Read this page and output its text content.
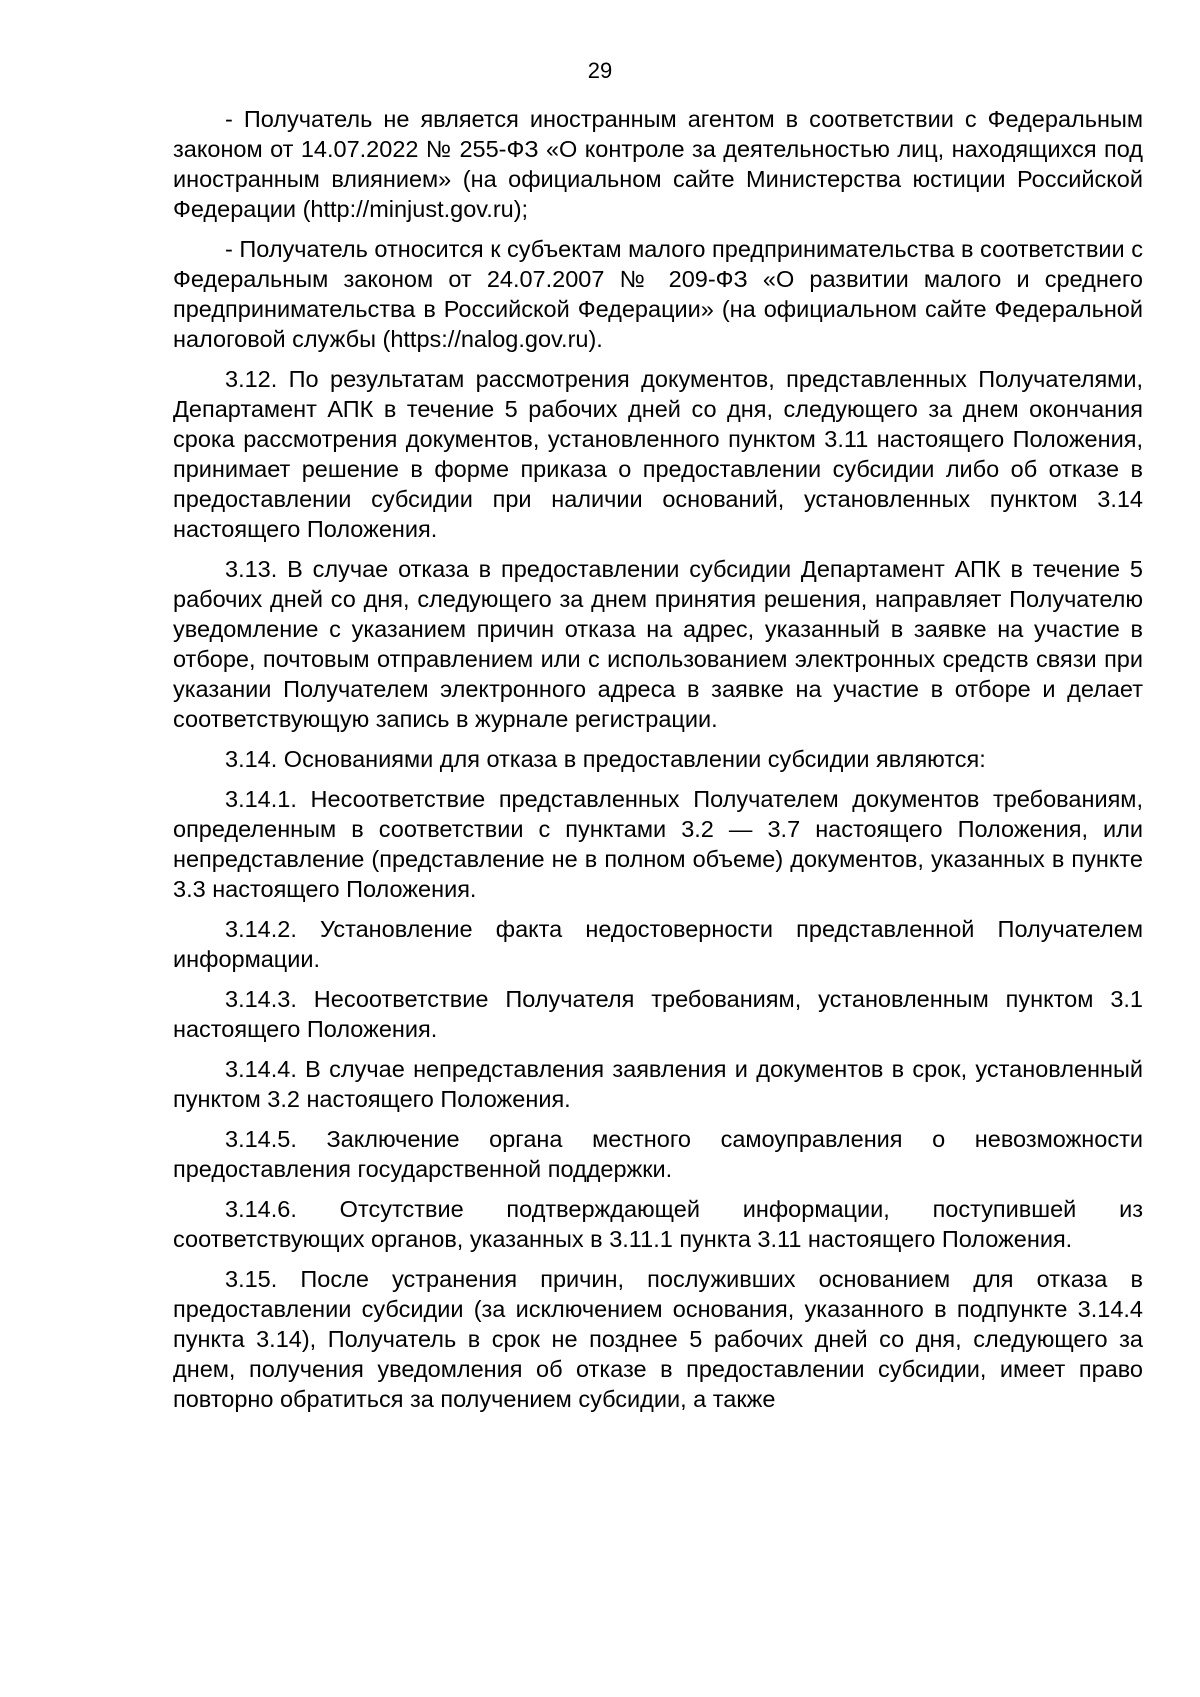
29

- Получатель не является иностранным агентом в соответствии с Федеральным законом от 14.07.2022 № 255-ФЗ «О контроле за деятельностью лиц, находящихся под иностранным влиянием» (на официальном сайте Министерства юстиции Российской Федерации (http://minjust.gov.ru);

- Получатель относится к субъектам малого предпринимательства в соответствии с Федеральным законом от 24.07.2007 № 209-ФЗ «О развитии малого и среднего предпринимательства в Российской Федерации» (на официальном сайте Федеральной налоговой службы (https://nalog.gov.ru).

3.12. По результатам рассмотрения документов, представленных Получателями, Департамент АПК в течение 5 рабочих дней со дня, следующего за днем окончания срока рассмотрения документов, установленного пунктом 3.11 настоящего Положения, принимает решение в форме приказа о предоставлении субсидии либо об отказе в предоставлении субсидии при наличии оснований, установленных пунктом 3.14 настоящего Положения.

3.13. В случае отказа в предоставлении субсидии Департамент АПК в течение 5 рабочих дней со дня, следующего за днем принятия решения, направляет Получателю уведомление с указанием причин отказа на адрес, указанный в заявке на участие в отборе, почтовым отправлением или с использованием электронных средств связи при указании Получателем электронного адреса в заявке на участие в отборе и делает соответствующую запись в журнале регистрации.

3.14. Основаниями для отказа в предоставлении субсидии являются:

3.14.1. Несоответствие представленных Получателем документов требованиям, определенным в соответствии с пунктами 3.2 — 3.7 настоящего Положения, или непредставление (представление не в полном объеме) документов, указанных в пункте 3.3 настоящего Положения.

3.14.2. Установление факта недостоверности представленной Получателем информации.

3.14.3. Несоответствие Получателя требованиям, установленным пунктом 3.1 настоящего Положения.

3.14.4. В случае непредставления заявления и документов в срок, установленный пунктом 3.2 настоящего Положения.

3.14.5. Заключение органа местного самоуправления о невозможности предоставления государственной поддержки.

3.14.6. Отсутствие подтверждающей информации, поступившей из соответствующих органов, указанных в 3.11.1 пункта 3.11 настоящего Положения.

3.15. После устранения причин, послуживших основанием для отказа в предоставлении субсидии (за исключением основания, указанного в подпункте 3.14.4 пункта 3.14), Получатель в срок не позднее 5 рабочих дней со дня, следующего за днем, получения уведомления об отказе в предоставлении субсидии, имеет право повторно обратиться за получением субсидии, а также
